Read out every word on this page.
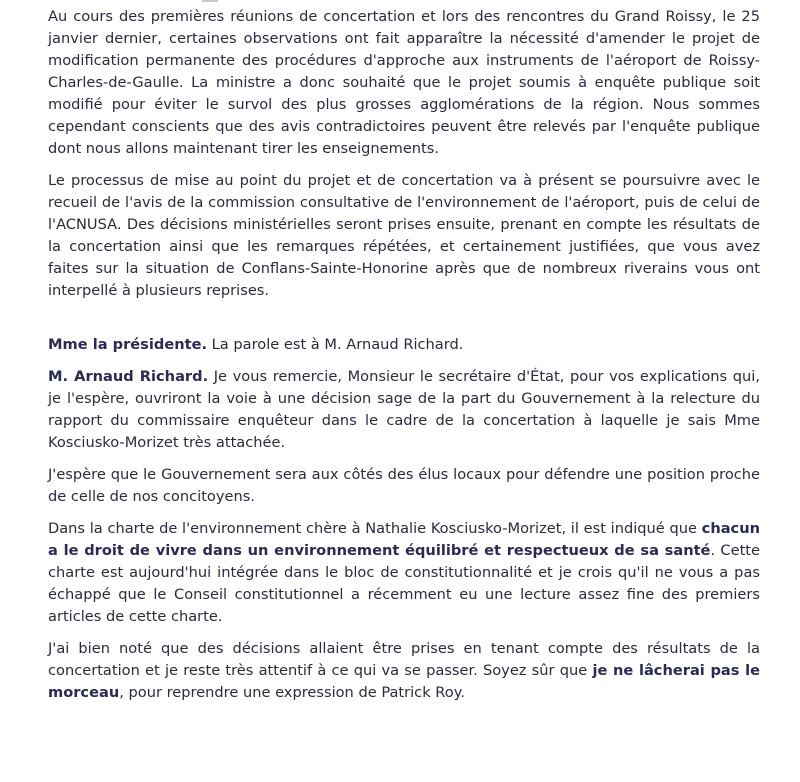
Au cours des premières réunions de concertation et lors des rencontres du Grand Roissy, le 25 janvier dernier, certaines observations ont fait apparaître la nécessité d'amender le projet de modification permanente des procédures d'approche aux instruments de l'aéroport de Roissy-Charles-de-Gaulle. La ministre a donc souhaité que le projet soumis à enquête publique soit modifié pour éviter le survol des plus grosses agglomérations de la région. Nous sommes cependant conscients que des avis contradictoires peuvent être relevés par l'enquête publique dont nous allons maintenant tirer les enseignements.

Le processus de mise au point du projet et de concertation va à présent se poursuivre avec le recueil de l'avis de la commission consultative de l'environnement de l'aéroport, puis de celui de l'ACNUSA. Des décisions ministérielles seront prises ensuite, prenant en compte les résultats de la concertation ainsi que les remarques répétées, et certainement justifiées, que vous avez faites sur la situation de Conflans-Sainte-Honorine après que de nombreux riverains vous ont interpellé à plusieurs reprises.

Mme la présidente. La parole est à M. Arnaud Richard.

M. Arnaud Richard. Je vous remercie, Monsieur le secrétaire d'État, pour vos explications qui, je l'espère, ouvriront la voie à une décision sage de la part du Gouvernement à la relecture du rapport du commissaire enquêteur dans le cadre de la concertation à laquelle je sais Mme Kosciusko-Morizet très attachée.

J'espère que le Gouvernement sera aux côtés des élus locaux pour défendre une position proche de celle de nos concitoyens.

Dans la charte de l'environnement chère à Nathalie Kosciusko-Morizet, il est indiqué que chacun a le droit de vivre dans un environnement équilibré et respectueux de sa santé. Cette charte est aujourd'hui intégrée dans le bloc de constitutionnalité et je crois qu'il ne vous a pas échappé que le Conseil constitutionnel a récemment eu une lecture assez fine des premiers articles de cette charte.

J'ai bien noté que des décisions allaient être prises en tenant compte des résultats de la concertation et je reste très attentif à ce qui va se passer. Soyez sûr que je ne lâcherai pas le morceau, pour reprendre une expression de Patrick Roy.
